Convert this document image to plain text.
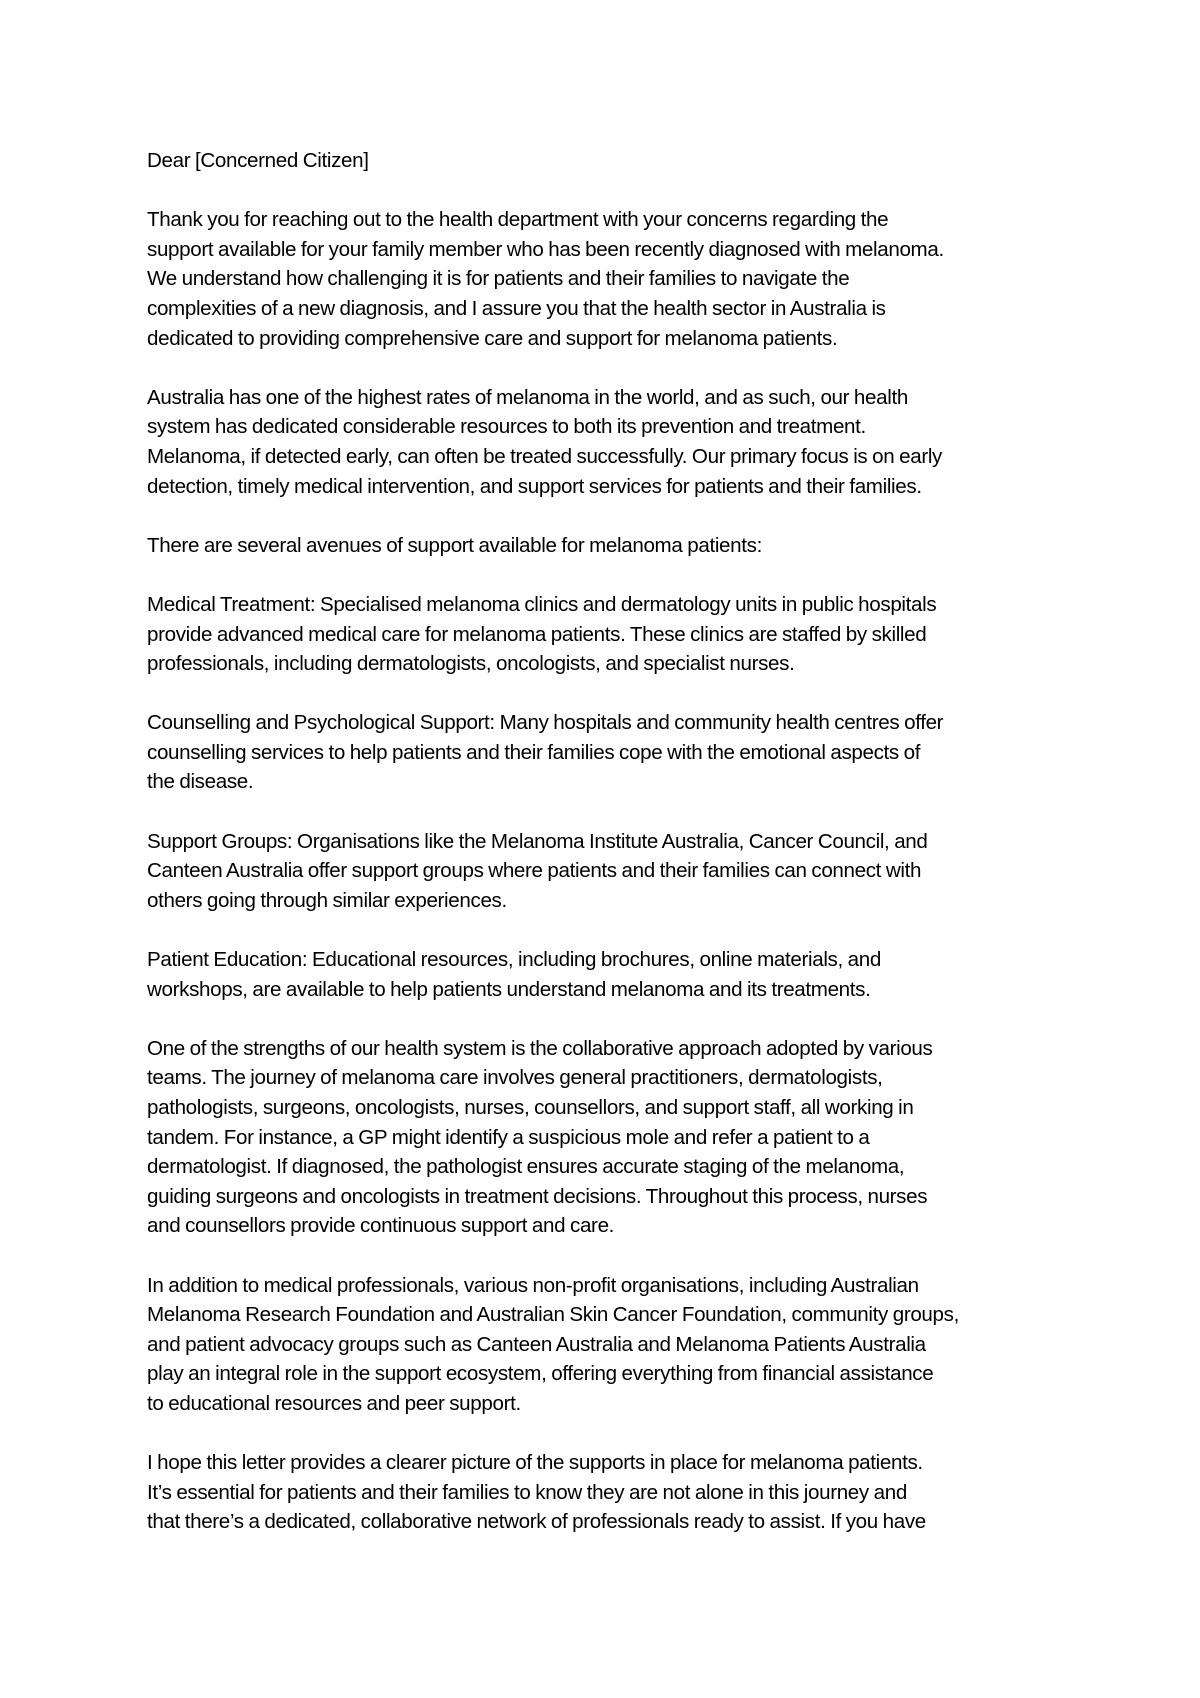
Dear [Concerned Citizen]

Thank you for reaching out to the health department with your concerns regarding the
support available for your family member who has been recently diagnosed with melanoma.
We understand how challenging it is for patients and their families to navigate the
complexities of a new diagnosis, and I assure you that the health sector in Australia is
dedicated to providing comprehensive care and support for melanoma patients.

Australia has one of the highest rates of melanoma in the world, and as such, our health
system has dedicated considerable resources to both its prevention and treatment.
Melanoma, if detected early, can often be treated successfully. Our primary focus is on early
detection, timely medical intervention, and support services for patients and their families.

There are several avenues of support available for melanoma patients:

Medical Treatment: Specialised melanoma clinics and dermatology units in public hospitals
provide advanced medical care for melanoma patients. These clinics are staffed by skilled
professionals, including dermatologists, oncologists, and specialist nurses.

Counselling and Psychological Support: Many hospitals and community health centres offer
counselling services to help patients and their families cope with the emotional aspects of
the disease.

Support Groups: Organisations like the Melanoma Institute Australia, Cancer Council, and
Canteen Australia offer support groups where patients and their families can connect with
others going through similar experiences.

Patient Education: Educational resources, including brochures, online materials, and
workshops, are available to help patients understand melanoma and its treatments.

One of the strengths of our health system is the collaborative approach adopted by various
teams. The journey of melanoma care involves general practitioners, dermatologists,
pathologists, surgeons, oncologists, nurses, counsellors, and support staff, all working in
tandem. For instance, a GP might identify a suspicious mole and refer a patient to a
dermatologist. If diagnosed, the pathologist ensures accurate staging of the melanoma,
guiding surgeons and oncologists in treatment decisions. Throughout this process, nurses
and counsellors provide continuous support and care.

In addition to medical professionals, various non-profit organisations, including Australian
Melanoma Research Foundation and Australian Skin Cancer Foundation, community groups,
and patient advocacy groups such as Canteen Australia and Melanoma Patients Australia
play an integral role in the support ecosystem, offering everything from financial assistance
to educational resources and peer support.

I hope this letter provides a clearer picture of the supports in place for melanoma patients.
It’s essential for patients and their families to know they are not alone in this journey and
that there’s a dedicated, collaborative network of professionals ready to assist. If you have
